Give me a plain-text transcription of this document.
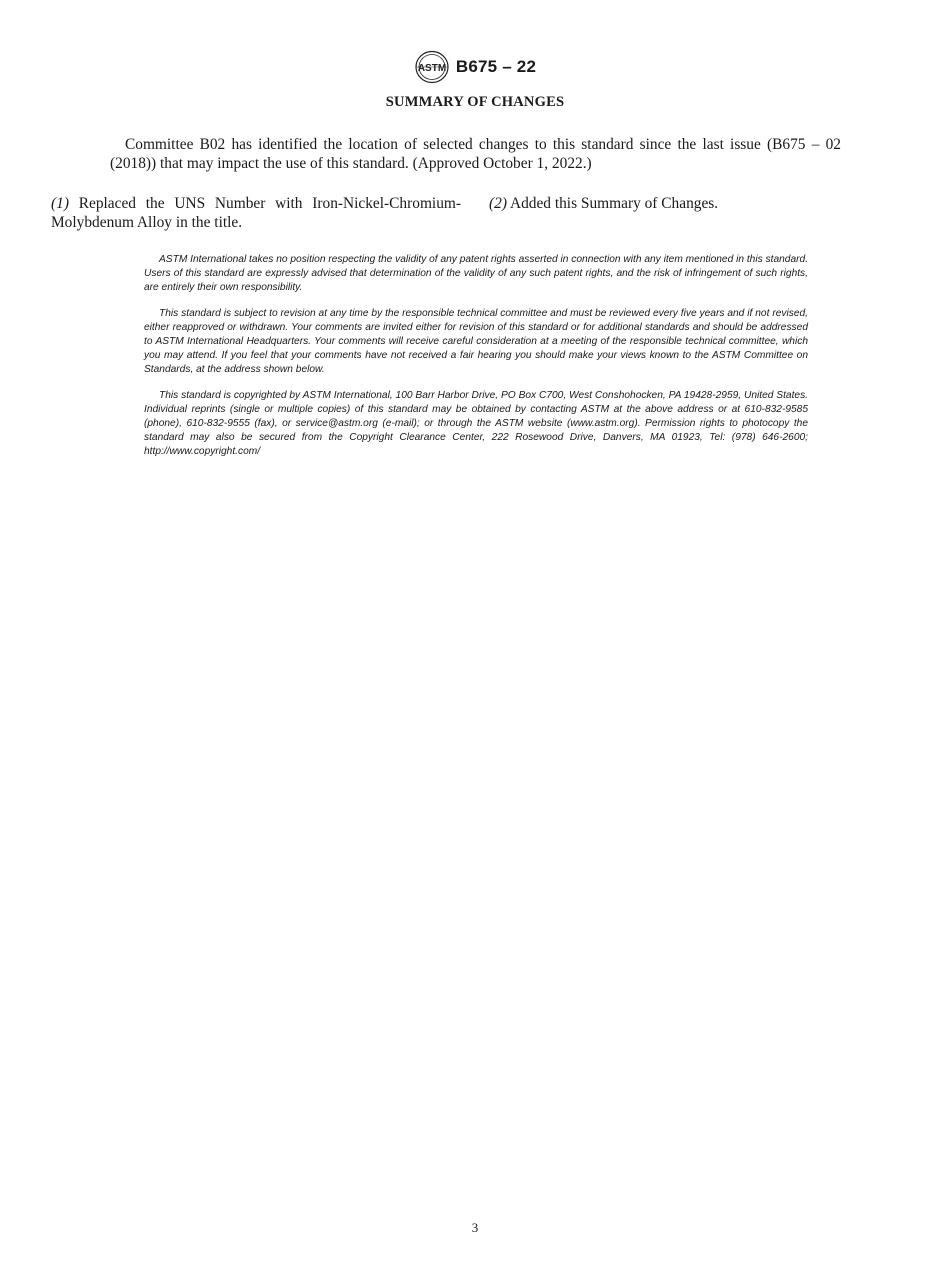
ASTM B675 – 22
SUMMARY OF CHANGES

Committee B02 has identified the location of selected changes to this standard since the last issue (B675 – 02 (2018)) that may impact the use of this standard. (Approved October 1, 2022.)

(1) Replaced the UNS Number with Iron-Nickel-Chromium-Molybdenum Alloy in the title.
(2) Added this Summary of Changes.

ASTM International takes no position respecting the validity of any patent rights asserted in connection with any item mentioned in this standard. Users of this standard are expressly advised that determination of the validity of any such patent rights, and the risk of infringement of such rights, are entirely their own responsibility.

This standard is subject to revision at any time by the responsible technical committee and must be reviewed every five years and if not revised, either reapproved or withdrawn. Your comments are invited either for revision of this standard or for additional standards and should be addressed to ASTM International Headquarters. Your comments will receive careful consideration at a meeting of the responsible technical committee, which you may attend. If you feel that your comments have not received a fair hearing you should make your views known to the ASTM Committee on Standards, at the address shown below.

This standard is copyrighted by ASTM International, 100 Barr Harbor Drive, PO Box C700, West Conshohocken, PA 19428-2959, United States. Individual reprints (single or multiple copies) of this standard may be obtained by contacting ASTM at the above address or at 610-832-9585 (phone), 610-832-9555 (fax), or service@astm.org (e-mail); or through the ASTM website (www.astm.org). Permission rights to photocopy the standard may also be secured from the Copyright Clearance Center, 222 Rosewood Drive, Danvers, MA 01923, Tel: (978) 646-2600; http://www.copyright.com/

3
